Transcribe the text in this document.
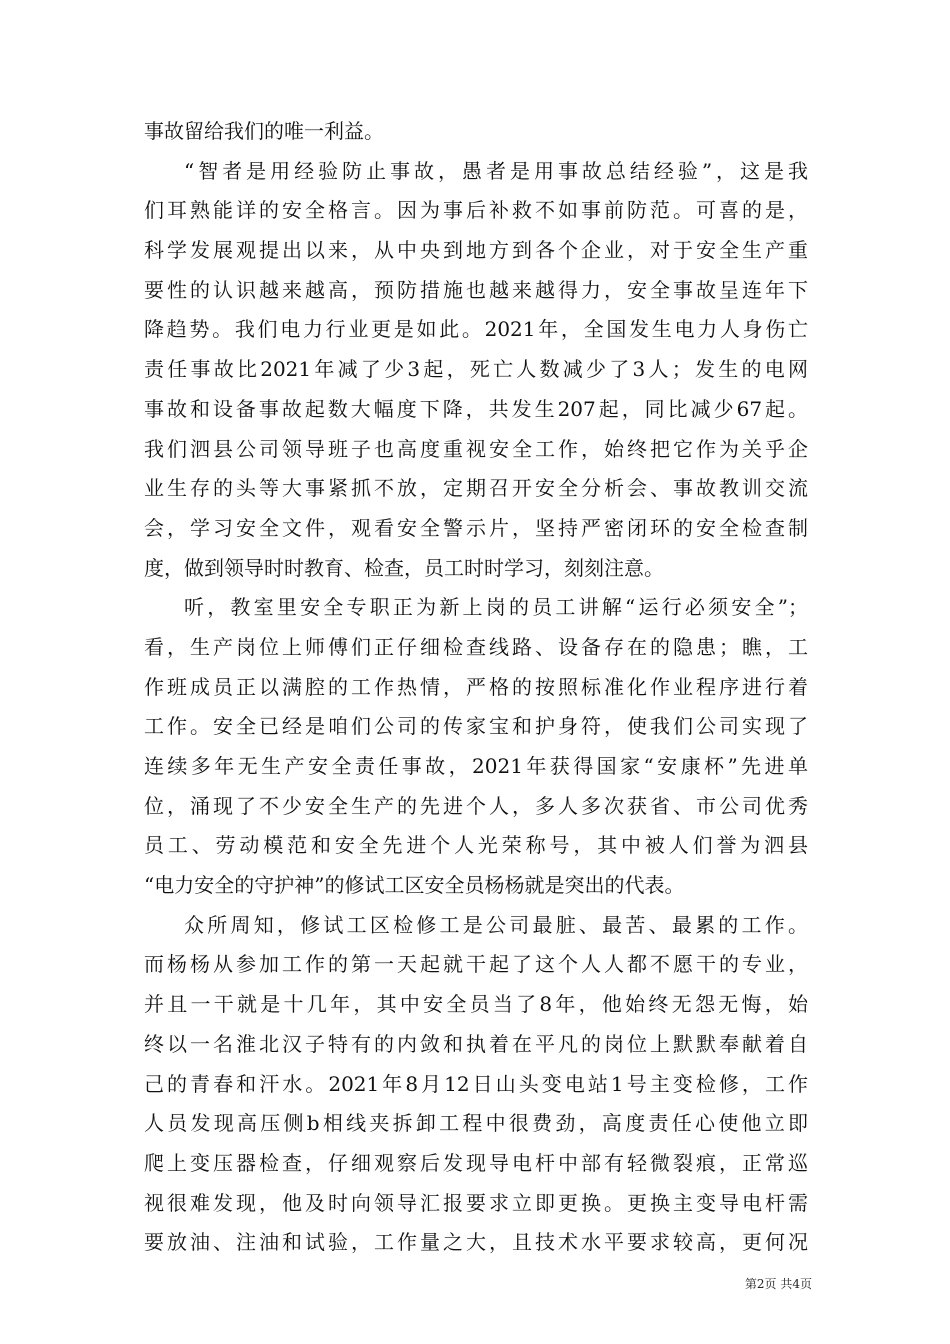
事故留给我们的唯一利益。
“智者是用经验防止事故，愚者是用事故总结经验”，这是我
们耳熟能详的安全格言。因为事后补救不如事前防范。可喜的是，
科学发展观提出以来，从中央到地方到各个企业，对于安全生产重
要性的认识越来越高，预防措施也越来越得力，安全事故呈连年下
降趋势。我们电力行业更是如此。2021年，全国发生电力人身伤亡
责任事故比2021年减了少3起，死亡人数减少了3人；发生的电网
事故和设备事故起数大幅度下降，共发生207起，同比减少67起。
我们泗县公司领导班子也高度重视安全工作，始终把它作为关乎企
业生存的头等大事紧抓不放，定期召开安全分析会、事故教训交流
会，学习安全文件，观看安全警示片，坚持严密闭环的安全检查制
度，做到领导时时教育、检查，员工时时学习，刻刻注意。
听，教室里安全专职正为新上岗的员工讲解“运行必须安全”；
看，生产岗位上师傅们正仔细检查线路、设备存在的隐患；瞧，工
作班成员正以满腔的工作热情，严格的按照标准化作业程序进行着
工作。安全已经是咱们公司的传家宝和护身符，使我们公司实现了
连续多年无生产安全责任事故，2021年获得国家“安康杯”先进单
位，涌现了不少安全生产的先进个人，多人多次获省、市公司优秀
员工、劳动模范和安全先进个人光荣称号，其中被人们誉为泗县
“电力安全的守护神”的修试工区安全员杨杨就是突出的代表。
众所周知，修试工区检修工是公司最脏、最苦、最累的工作。
而杨杨从参加工作的第一天起就干起了这个人人都不愿干的专业，
并且一干就是十几年，其中安全员当了8年，他始终无怨无悔，始
终以一名淮北汉子特有的内敛和执着在平凡的岗位上默默奉献着自
己的青春和汗水。2021年8月12日山头变电站1号主变检修，工作
人员发现高压侧b相线夹拆卸工程中很费劲，高度责任心使他立即
爬上变压器检查，仔细观察后发现导电杆中部有轻微裂痕，正常巡
视很难发现，他及时向领导汇报要求立即更换。更换主变导电杆需
要放油、注油和试验，工作量之大，且技术水平要求较高，更何况
第2页 共4页
